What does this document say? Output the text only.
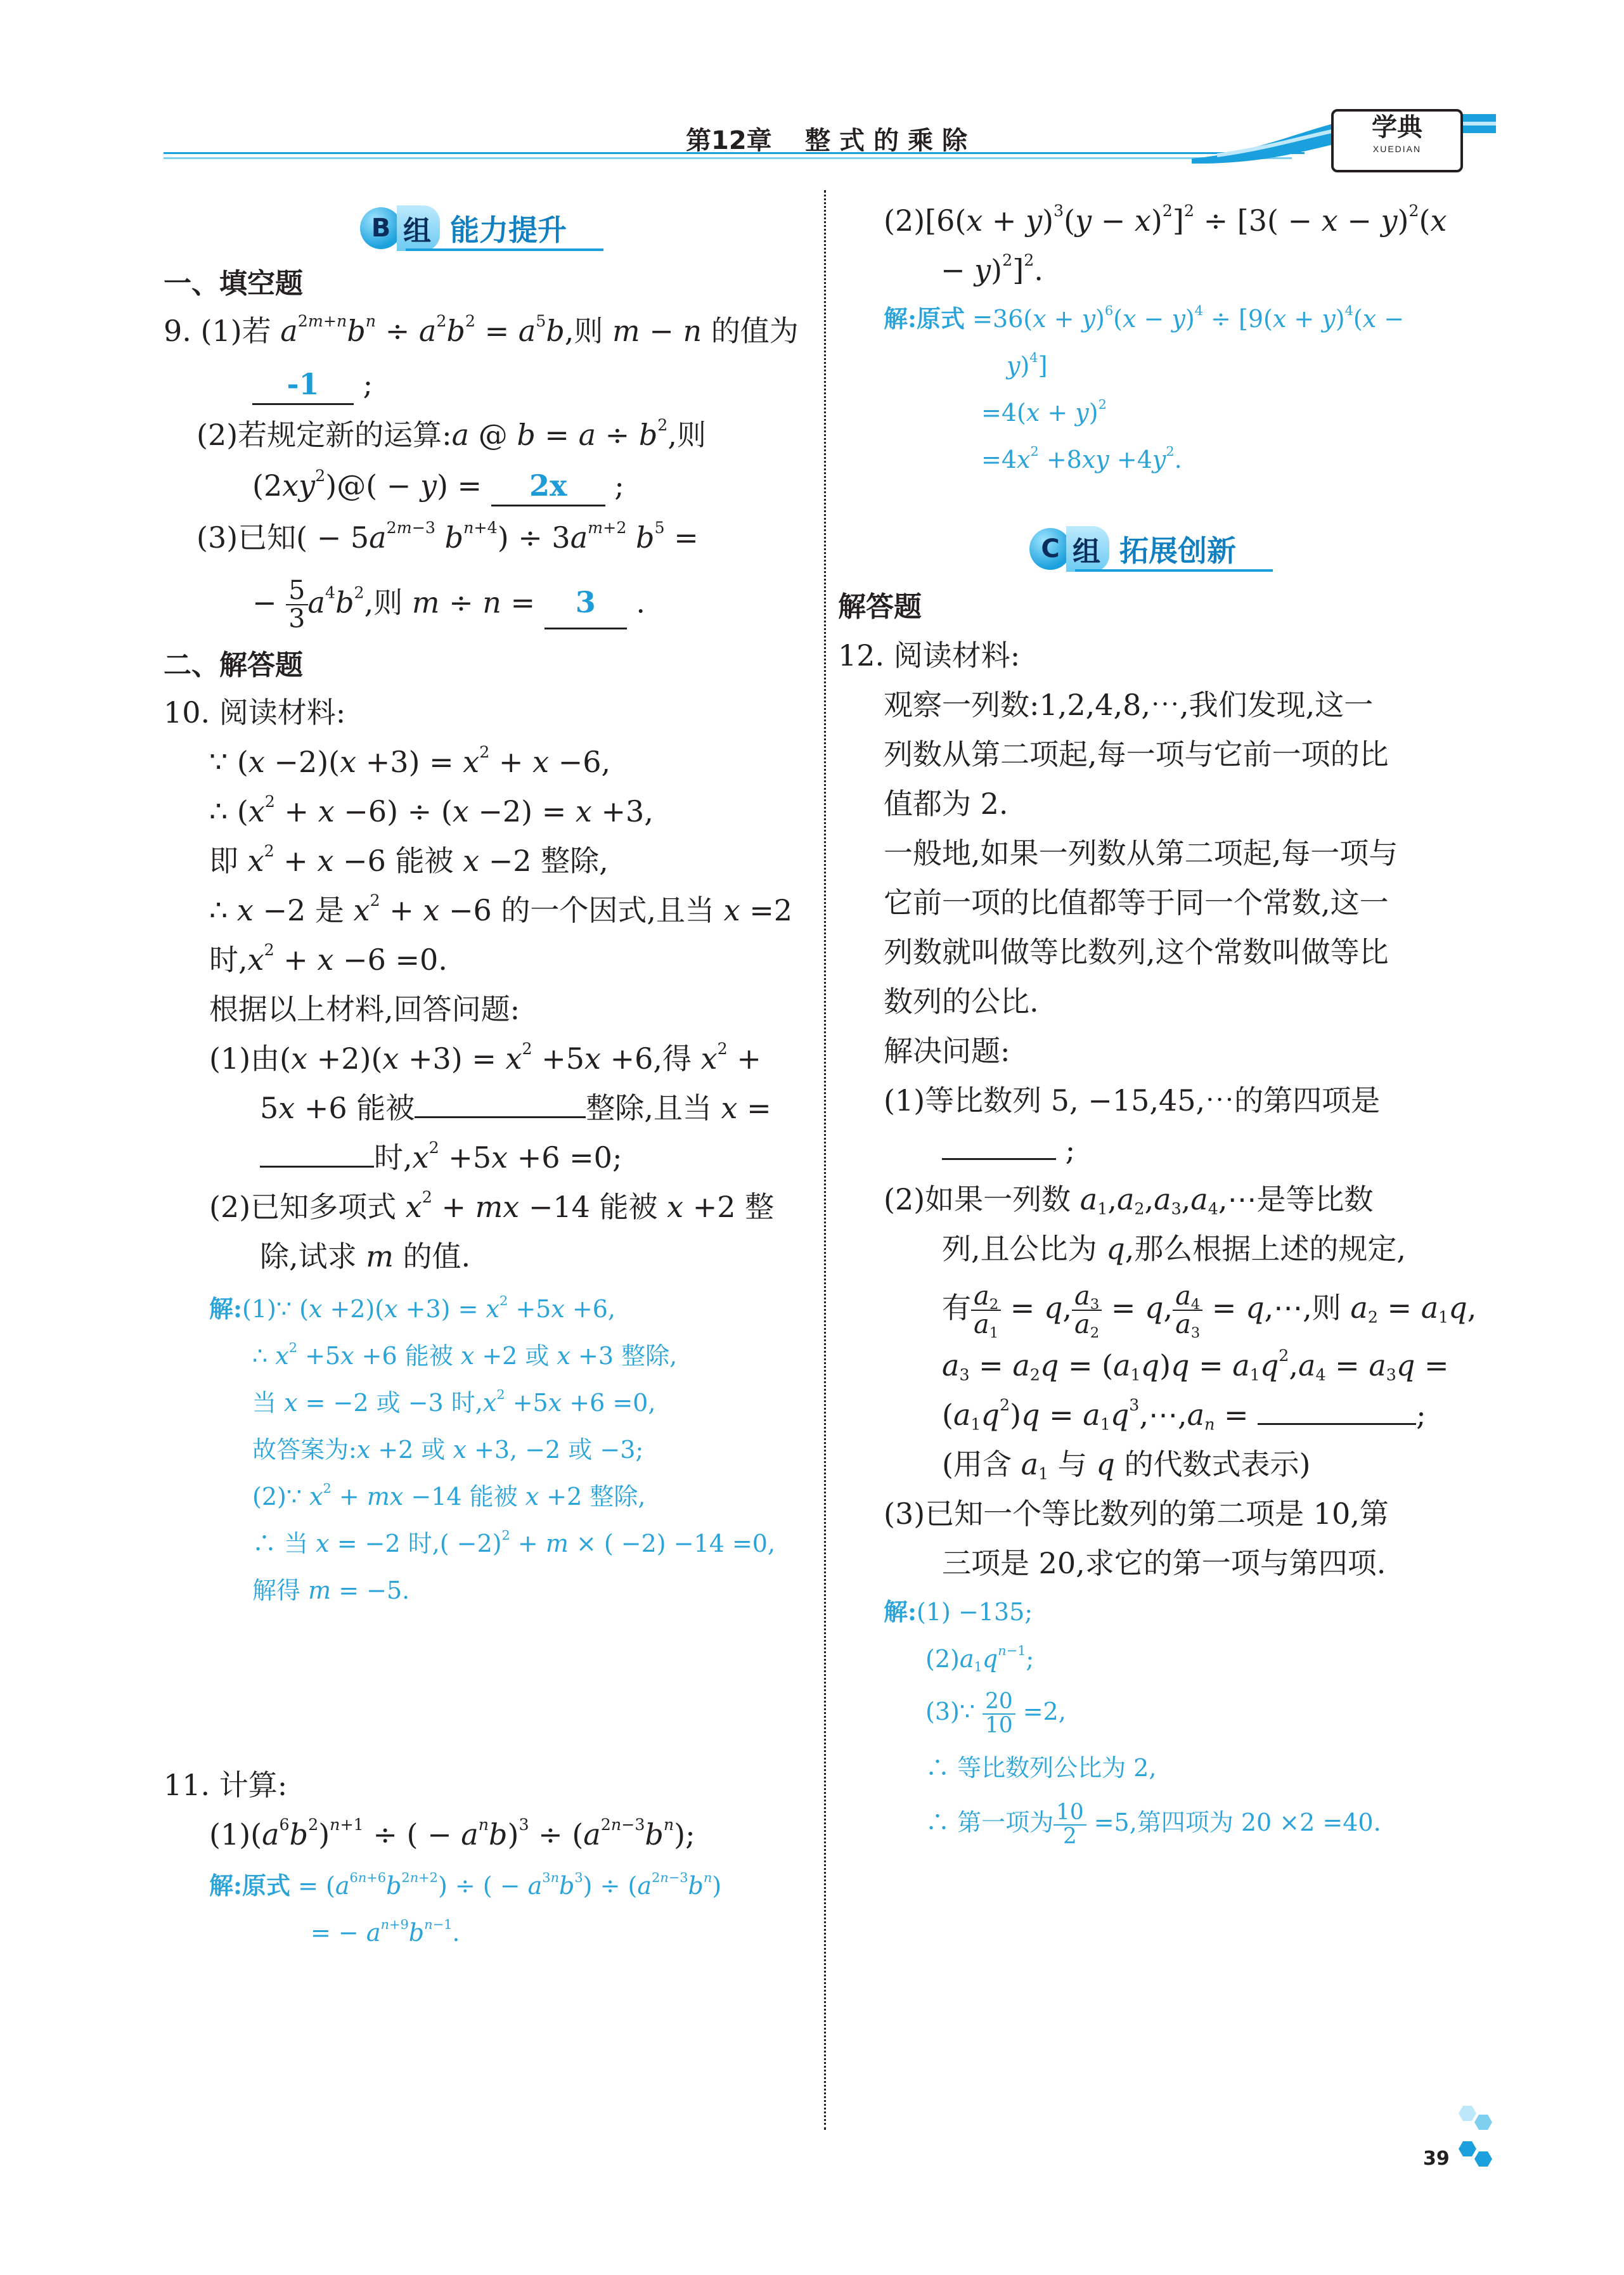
学典
XUEDIAN
第12章 整式的乘除
B 组 能力提升
一、填空题
9. (1)若 $a^{2m+n}b^n \div a^2b^2 = a^5b$,则 m − n 的值为
-1 ;
(2)若规定新的运算:a @ $b = a \div b^2$,则
$(2xy^2)@( - y) = 2x$ ;
(3)已知( − $5a^{2m-3}$ $b^{n+4}) \div 3a^{m+2}$ $b^5$ =
− $\frac{5}{3} a^4b^2$,则 m ÷ n = 3 .
二、解答题
10. 阅读材料:
∵ $(x -2)(x +3) = x^2 + x -6$,
∴ $(x^2 + x -6) \div (x -2) = x +3$,
即 $x^2 + x -6$ 能被 x −2 整除,
∴ x −2 是 $x^2 + x -6$ 的一个因式,且当 x =2
时$,x^2 + x -6 =0$.
根据以上材料,回答问题:
(1)由$(x +2)(x +3) = x^2 +5x +6$,得 $x^2$ +
5x +6 能被	整除,且当 x =
时$,x^2 +5x +6 =0$;
(2)已知多项式 $x^2$ + mx −14 能被 x +2 整
除,试求 m 的值.
解:(1)∵ $(x +2)(x +3) = x^2 +5x +6$,
∴ $x^2 +5x +6$ 能被 x +2 或 x +3 整除,
当 x = −2 或 −3 时$,x^2 +5x +6 =0$,
故答案为:x +2 或 x +3, −2 或 −3;
(2)∵ $x^2$ + mx −14 能被 x +2 整除,
∴ 当 x = −2 时,( −2)$^2$ + m × ( −2) −14 =0,
解得 m = −5.
11. 计算:
$(1)(a^6b^2)^{n+1}$ ÷ ( − $a^nb)^3 \div (a^{2n-3}b^n)$;
解:原式 = $(a^{6n+6}b^{2n+2})$ ÷ ( − $a^{3n}b^3) \div (a^{2n-3}b^n)$
= − $a^{n+9}b^{n-1}$.
$(2)[6(x + y)^3(y - x)^2]^2 \div [3( - x - y)^2(x$
− y)$^2$]$^2$.
解:原式 $=36(x + y)^6(x - y)^4 \div [9(x + y)^4(x$ −
y)$^4$]
$=4(x + y)^2$
$=4x^2 +8xy +4y^2$.
C 组 拓展创新
解答题
12. 阅读材料:
观察一列数:1,2,4,8,⋯,我们发现,这一
列数从第二项起,每一项与它前一项的比
值都为 2.
一般地,如果一列数从第二项起,每一项与
它前一项的比值都等于同一个常数,这一
列数就叫做等比数列,这个常数叫做等比
数列的公比.
解决问题:
(1)等比数列 5, −15,45,⋯的第四项是
;
(2)如果一列数 $a_1,a_2,a_3,a_4,\cdots$是等比数
列,且公比为 q,那么根据上述的规定,
有 $\frac{a_2}{a_1} = q$, $\frac{a_3}{a_2} = q$, $\frac{a_4}{a_3}$ = q,⋯,则 $a_2 = a_1q$,
$a_3 = a_2q = (a_1q)q = a_1q^2,a_4 = a_3q$ =
$(a_1q^2)q$ = $a_1q^3,\cdots,a_n$ =	;
(用含 $a_1$ 与 q 的代数式表示)
(3)已知一个等比数列的第二项是 10,第
三项是 20,求它的第一项与第四项.
解:(1) −135;
$(2)a_1q^{n-1}$;
(3)∵ $\frac{20}{10} =2$,
∴ 等比数列公比为 2,
∴ 第一项为 $\frac{10}{2} =5$,第四项为 20 ×2 =40.
39
